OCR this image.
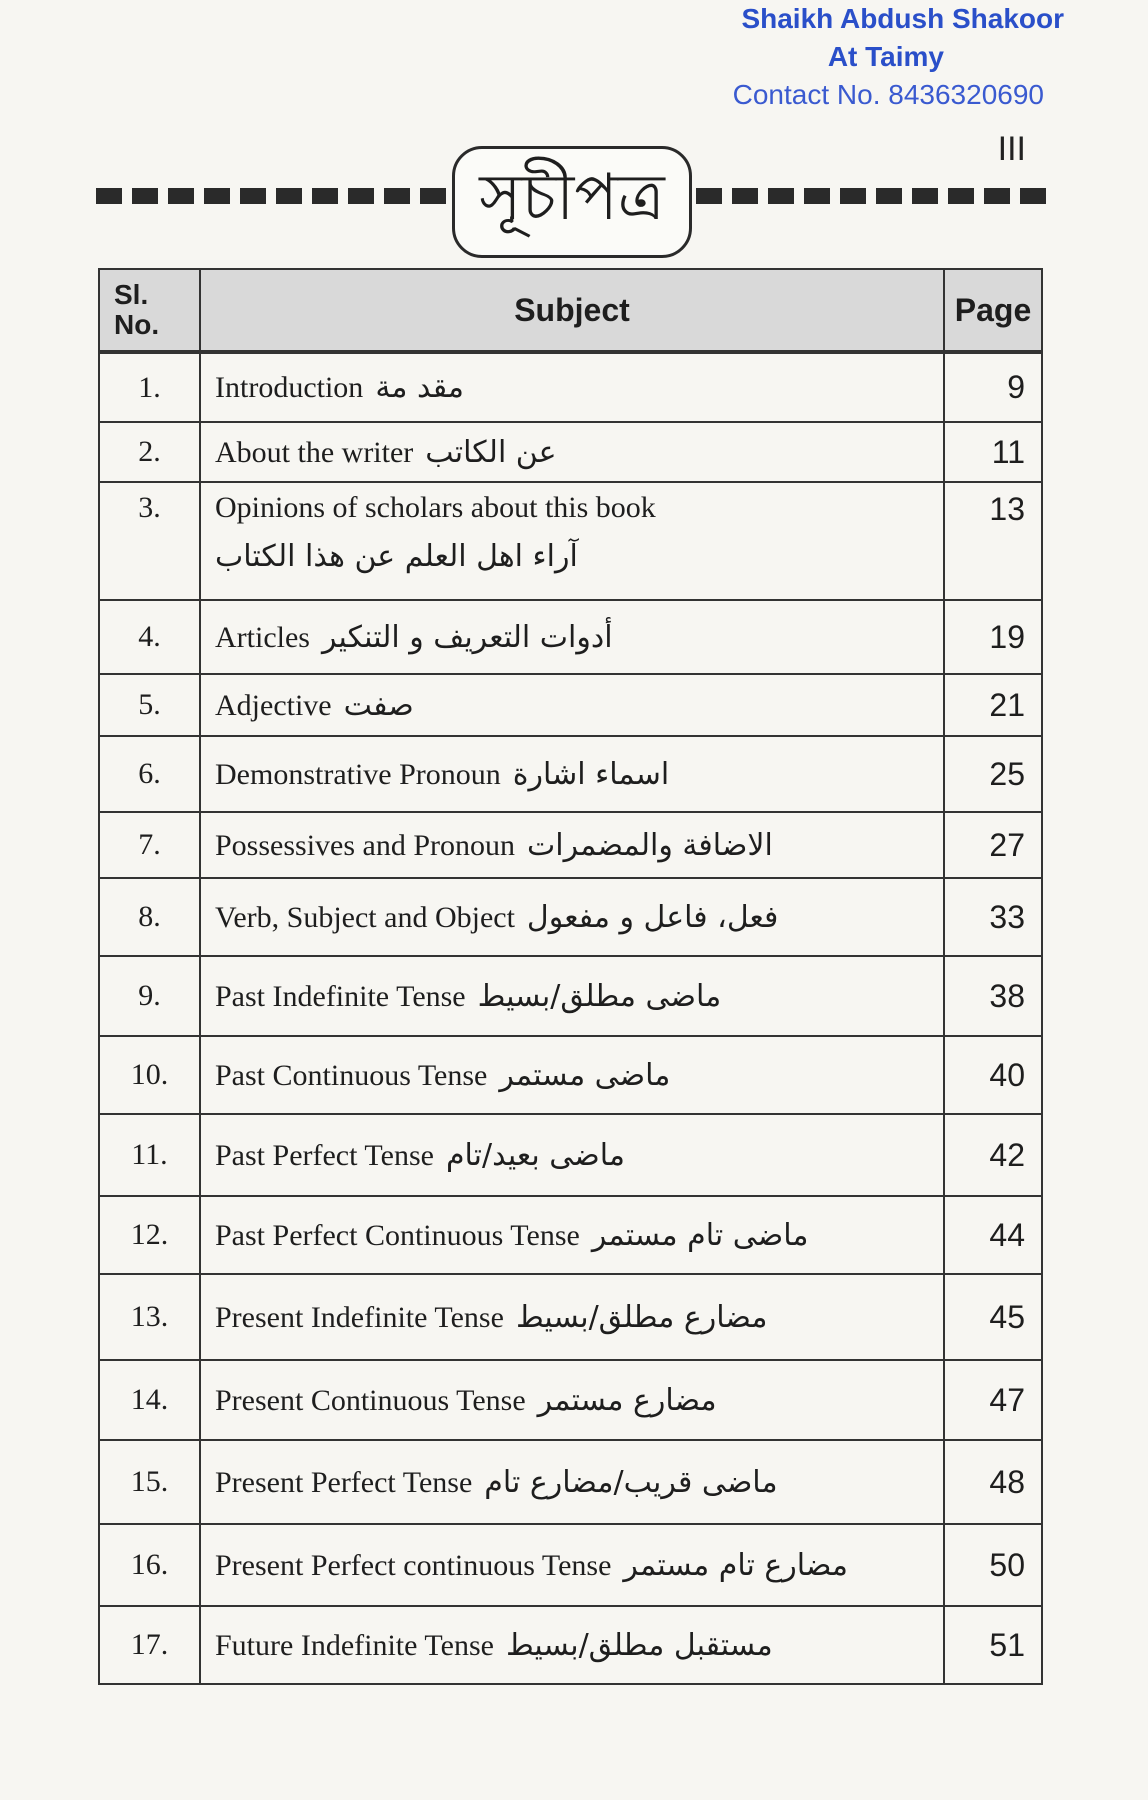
Shaikh Abdush Shakoor
At Taimy
Contact No. 8436320690
III
সূচীপত্র
Sl. No.	Subject	Page
1.	Introduction مقد مة	9
2.	About the writer عن الكاتب	11
3.	Opinions of scholars about this book
آراء اهل العلم عن هذا الكتاب	13
4.	Articles أدوات التعريف و التنكير	19
5.	Adjective صفت	21
6.	Demonstrative Pronoun اسماء اشارة	25
7.	Possessives and Pronoun الاضافة والمضمرات	27
8.	Verb, Subject and Object فعل، فاعل و مفعول	33
9.	Past Indefinite Tense ماضى مطلق/بسيط	38
10.	Past Continuous Tense ماضى مستمر	40
11.	Past Perfect Tense ماضى بعيد/تام	42
12.	Past Perfect Continuous Tense ماضى تام مستمر	44
13.	Present Indefinite Tense مضارع مطلق/بسيط	45
14.	Present Continuous Tense مضارع مستمر	47
15.	Present Perfect Tense ماضى قريب/مضارع تام	48
16.	Present Perfect continuous Tense مضارع تام مستمر	50
17.	Future Indefinite Tense مستقبل مطلق/بسيط	51
